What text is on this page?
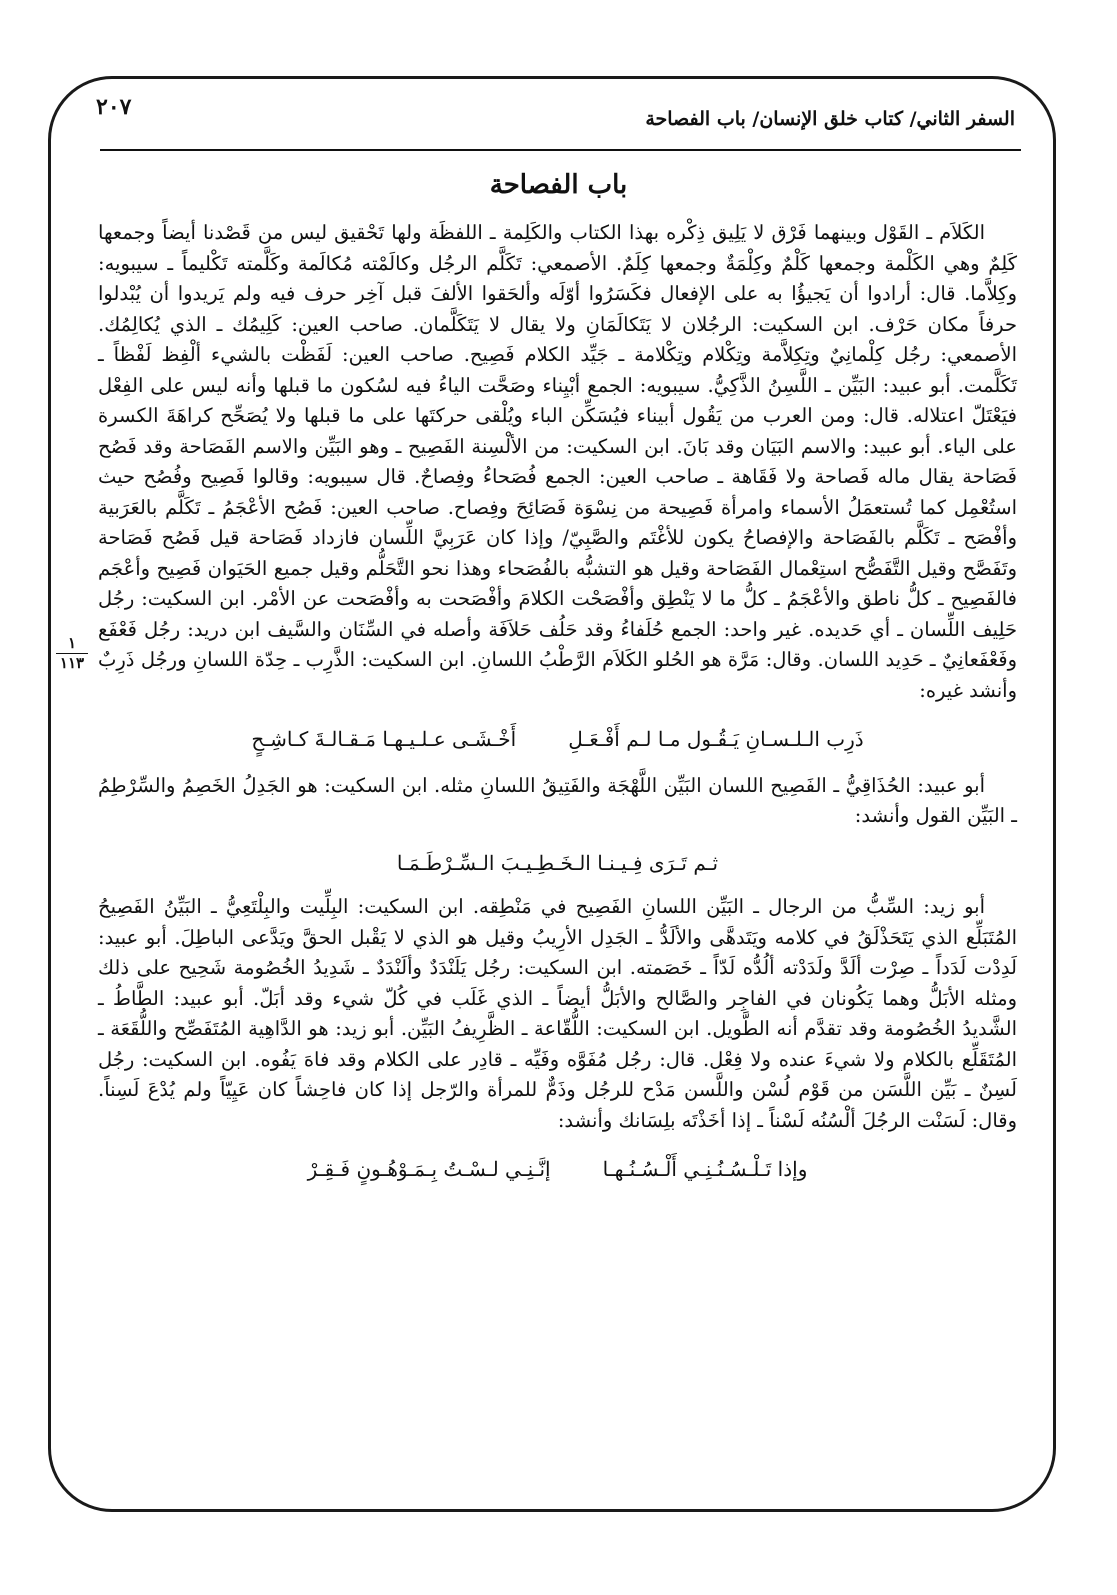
السفر الثاني/ كتاب خلق الإنسان/ باب الفصاحة
٢٠٧
باب الفصاحة
١
١١٣

الكَلاَم ـ القَوْل وبينهما فَرْق لا يَلِيق ذِكْره بهذا الكتاب والكَلِمة ـ اللفظَة ولها تَحْقيق ليس من قَصْدنا أيضاً وجمعها كَلِمٌ وهي الكَلْمة وجمعها كَلْمٌ وكِلْمَةٌ وجمعها كِلَمٌ. الأصمعي: تَكَلَّم الرجُل وكالَمْته مُكالَمة وكَلَّمته تَكْليماً ـ سيبويه: وكِلاَّما. قال: أرادوا أن يَجيؤُا به على الإفعال فكَسَرُوا أوّلَه وألحَقوا الألفَ قبل آخِر حرف فيه ولم يَريدوا أن يُبْدلوا حرفاً مكان حَرْف. ابن السكيت: الرجُلان لا يَتَكالَمَانِ ولا يقال لا يَتَكَلَّمان. صاحب العين: كَلِيمُك ـ الذي يُكالِمُك. الأصمعي: رجُل كِلْمانِيٌ وتِكِلاَّمة وتِكْلام وتِكْلامة ـ جَيِّد الكلام فَصِيح. صاحب العين: لَفَظْت بالشيء ألْفِظ لَفْظاً ـ تَكَلَّمت. أبو عبيد: البَيِّن ـ اللَّسِنُ الذَّكِيُّ. سيبويه: الجمع أبْيِناء وصَحَّت الياءُ فيه لسُكون ما قبلها وأنه ليس على الفِعْل فيَعْتَلّ اعتلاله. قال: ومن العرب من يَقُول أبيناء فيُسَكِّن الباء ويُلْقى حركتَها على ما قبلها ولا يُصَحِّح كراهَةَ الكسرة على الياء. أبو عبيد: والاسم البَيَان وقد بَانَ. ابن السكيت: من الألْسِنة الفَصِيح ـ وهو البَيِّن والاسم الفَصَاحة وقد فَصُح فَصَاحة يقال ماله فَصاحة ولا فَقَاهة ـ صاحب العين: الجمع فُصَحاءُ وفِصاحٌ. قال سيبويه: وقالوا فَصِيح وفُصُح حيث استُعْمِل كما تُستعمَلُ الأسماء وامرأة فَصِيحة من نِسْوَة فَصَائِحَ وفِصاح. صاحب العين: فَصُح الأعْجَمُ ـ تَكَلَّم بالعَرَبية وأفْصَح ـ تَكَلَّم بالفَصَاحة والإفصاحُ يكون للأغْتَم والصَّبِيّ/ وإذا كان عَرَبِيَّ اللِّسان فازداد فَصَاحة قيل فَصُح فَصَاحة وتَفَصَّح وقيل التَّفَصُّح استِعْمال الفَصَاحة وقيل هو التشبُّه بالفُصَحاء وهذا نحو التَّحَلُّم وقيل جميع الحَيَوان فَصِيح وأعْجَم فالفَصِيح ـ كلُّ ناطق والأعْجَمُ ـ كلُّ ما لا يَنْطِق وأفْصَحْت الكلامَ وأفْصَحت به وأفْصَحت عن الأمْر. ابن السكيت: رجُل حَلِيف اللِّسان ـ أي حَديده. غير واحد: الجمع حُلَفاءُ وقد حَلُف حَلاَفَة وأصله في السِّنَان والسَّيف ابن دريد: رجُل فَعْفَع وفَعْفَعانِيٌ ـ حَدِيد اللسان. وقال: مَرَّة هو الحُلو الكَلاَم الرَّطْبُ اللسانِ. ابن السكيت: الذَّرِب ـ حِدّة اللسانِ ورجُل ذَرِبٌ وأنشد غيره:

ذَرِب الـلـسـانِ يَـقُـول مـا لـم أَفْـعَـلِ
أَخْـشَـى عـلـيـهـا مَـقـالـةَ كـاشِـحٍ

أبو عبيد: الحُذَاقِيُّ ـ الفَصِيح اللسان البَيِّن اللَّهْجَة والفَتِيقُ اللسانِ مثله. ابن السكيت: هو الجَدِلُ الخَصِمُ والسِّرْطِمُ ـ البَيِّن القول وأنشد:

ثـم تَـرَى فِـيـنـا الـخَـطِـيـبَ الـسِّـرْطَـمَـا

أبو زيد: السِّبُّ من الرجال ـ البَيِّن اللسانِ الفَصِيح في مَنْطِقه. ابن السكيت: البِلِّيت والبِلْتَعِيُّ ـ البَيِّنُ الفَصِيحُ المُتَبَلِّع الذي يَتَحَذْلَقُ في كلامه ويَتَدهَّى والألَدُّ ـ الجَدِل الأرِيبُ وقيل هو الذي لا يَقْبل الحقَّ ويَدَّعى الباطِلَ. أبو عبيد: لَدِدْت لَدَداً ـ صِرْت ألَدَّ ولَدَدْته ألُدُّه لَدّاً ـ خَصَمته. ابن السكيت: رجُل يَلَنْدَدٌ وألَنْدَدٌ ـ شَدِيدُ الخُصُومة شَحِيح على ذلك ومثله الأبَلُّ وهما يَكُونان في الفاجِر والصَّالح والأبَلُّ أيضاً ـ الذي غَلَب في كُلّ شيء وقد أبَلّ. أبو عبيد: الطَّاطُ ـ الشَّديدُ الخُصُومة وقد تقدَّم أنه الطَّويل. ابن السكيت: اللُّقّاعة ـ الظَّرِيفُ البَيِّن. أبو زيد: هو الدَّاهِية المُتَفَصِّح واللُّقَعَة ـ المُتَقَلِّع بالكلام ولا شيءَ عنده ولا فِعْل. قال: رجُل مُفَوَّه وفَيِّه ـ قادِر على الكلام وقد فاهَ يَفُوه. ابن السكيت: رجُل لَسِنٌ ـ بَيِّن اللَّسَن من قَوْم لُسْن واللَّسن مَدْح للرجُل وذَمٌّ للمرأة والرّجل إذا كان فاحِشاً كان عَيِيّاً ولم يُدْعَ لَسِناً. وقال: لَسَنْت الرجُلَ ألْسُنُه لَسْناً ـ إذا أخَذْتَه بلِسَانك وأنشد:

وإذا تَـلْـسُـنُـنِـي أَلْـسُـنُـهـا
إنَّـنِـي لـسْـتُ بِـمَـوْهُـونٍ فَـقِـرْ
